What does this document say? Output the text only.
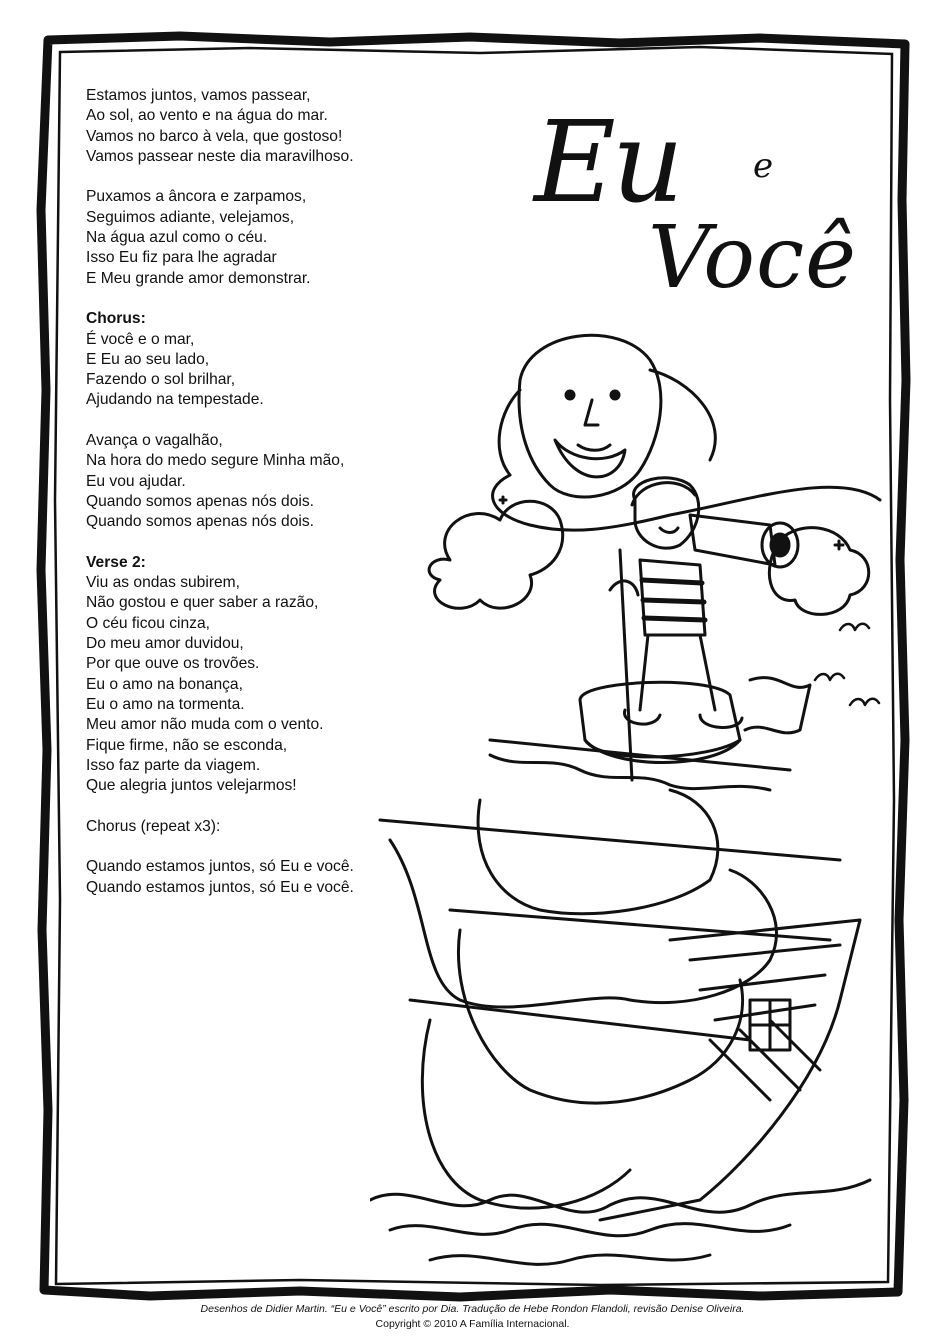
Estamos juntos, vamos passear,
Ao sol, ao vento e na água do mar.
Vamos no barco à vela, que gostoso!
Vamos passear neste dia maravilhoso.
Puxamos a âncora e zarpamos,
Seguimos adiante, velejamos,
Na água azul como o céu.
Isso Eu fiz para lhe agradar
E Meu grande amor demonstrar.
Chorus:
É você e o mar,
E Eu ao seu lado,
Fazendo o sol brilhar,
Ajudando na tempestade.
Avança o vagalhão,
Na hora do medo segure Minha mão,
Eu vou ajudar.
Quando somos apenas nós dois.
Quando somos apenas nós dois.
Verse 2:
Viu as ondas subirem,
Não gostou e quer saber a razão,
O céu ficou cinza,
Do meu amor duvidou,
Por que ouve os trovões.
Eu o amo na bonança,
Eu o amo na tormenta.
Meu amor não muda com o vento.
Fique firme, não se esconda,
Isso faz parte da viagem.
Que alegria juntos velejarmos!
Chorus (repeat x3):
Quando estamos juntos, só Eu e você.
Quando estamos juntos, só Eu e você.
Eu e
Você
Desenhos de Didier Martin. “Eu e Você” escrito por Dia. Tradução de Hebe Rondon Flandoli, revisão Denise Oliveira.
Copyright © 2010 A Família Internacional.
